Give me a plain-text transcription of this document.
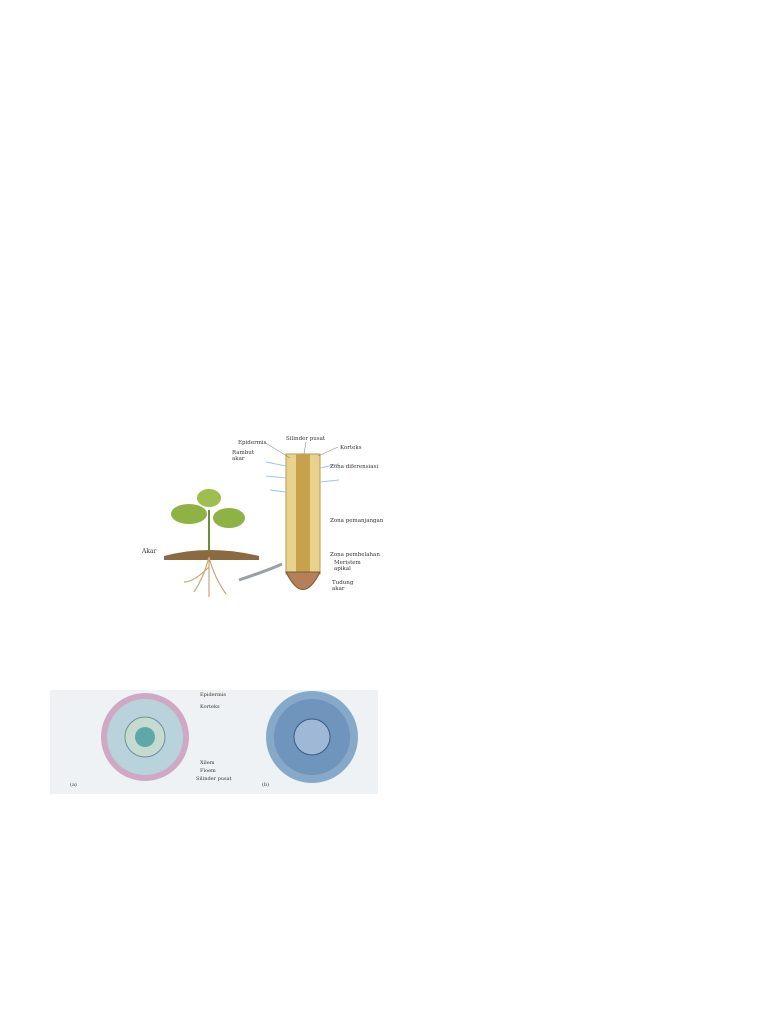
Akar
Epidermis
Rambut
akar
Silinder pusat
Korteks
Zona diferensiasi
Zona pemanjangan
Zona pembelahan
Meristem
apikal
Tudung
akar
Epidermis
Korteks
Xilem
Floem
Silinder pusat
(a)	(b)
